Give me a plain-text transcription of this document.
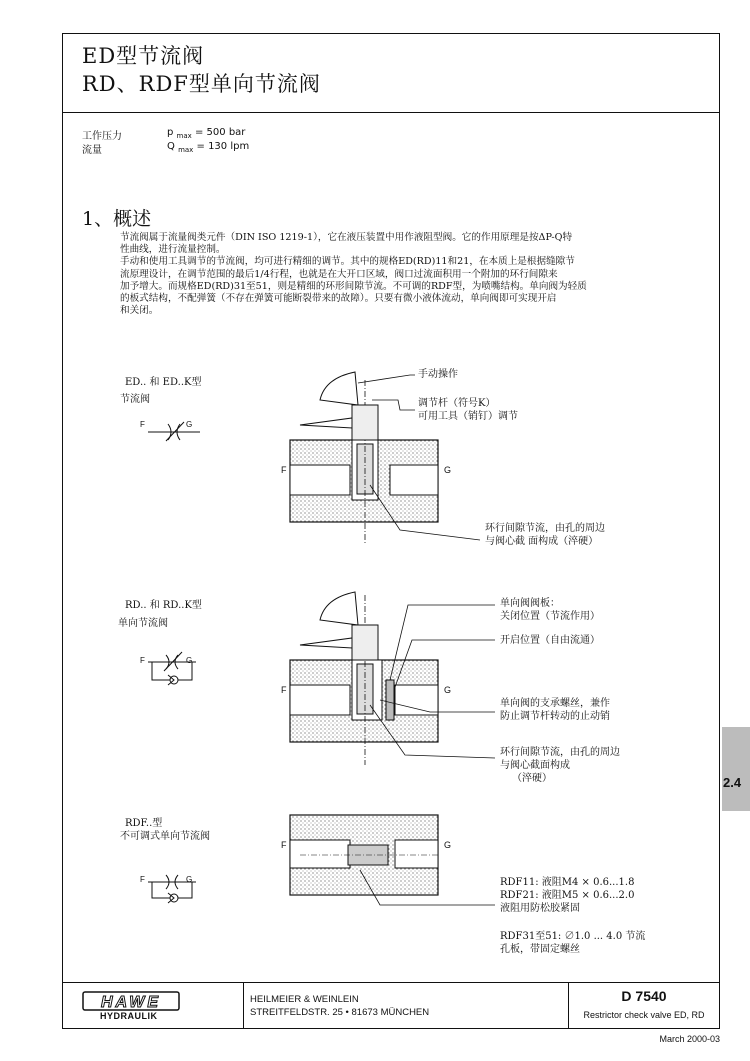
ED型节流阀
RD、RDF型单向节流阀
工作压力	p $_{max}$ = 500 bar
流量	Q $_{max}$ = 130 lpm
1、概述
节流阀属于流量阀类元件（DIN ISO 1219-1），它在液压装置中用作液阻型阀。它的作用原理是按ΔP-Q特
性曲线，进行流量控制。
手动和使用工具调节的节流阀，均可进行精细的调节。其中的规格ED(RD)11和21，在本质上是根据缝隙节
流原理设计，在调节范围的最后1/4行程，也就是在大开口区域，阀口过流面积用一个附加的环行间隙来
加予增大。而规格ED(RD)31至51，则是精细的环形间隙节流。不可调的RDF型，为喷嘴结构。单向阀为轻质
的板式结构，不配弹簧（不存在弹簧可能断裂带来的故障）。只要有微小液体流动，单向阀即可实现开启
和关闭。
ED.. 和 ED..K型
节流阀
F	G
F	G
手动操作
调节杆（符号K）
可用工具（销钉）调节
环行间隙节流，由孔的周边
与阀心截 面构成（淬硬）
RD.. 和 RD..K型
单向节流阀
F	G
F	G
单向阀阀板：
关闭位置（节流作用）
开启位置（自由流通）
单向阀的支承螺丝，兼作
防止调节杆转动的止动销
环行间隙节流，由孔的周边
与阀心截面构成
（淬硬）
RDF..型
不可调式单向节流阀
F	G
F	G
RDF11: 液阻M4 × 0.6...1.8
RDF21: 液阻M5 × 0.6...2.0
液阻用防松胶紧固
RDF31至51: ∅1.0 ... 4.0 节流
孔板，带固定螺丝
2.4
HAWE
HYDRAULIK
HEILMEIER & WEINLEIN
STREITFELDSTR. 25 • 81673 MÜNCHEN
D 7540
Restrictor check valve ED, RD
March 2000-03
